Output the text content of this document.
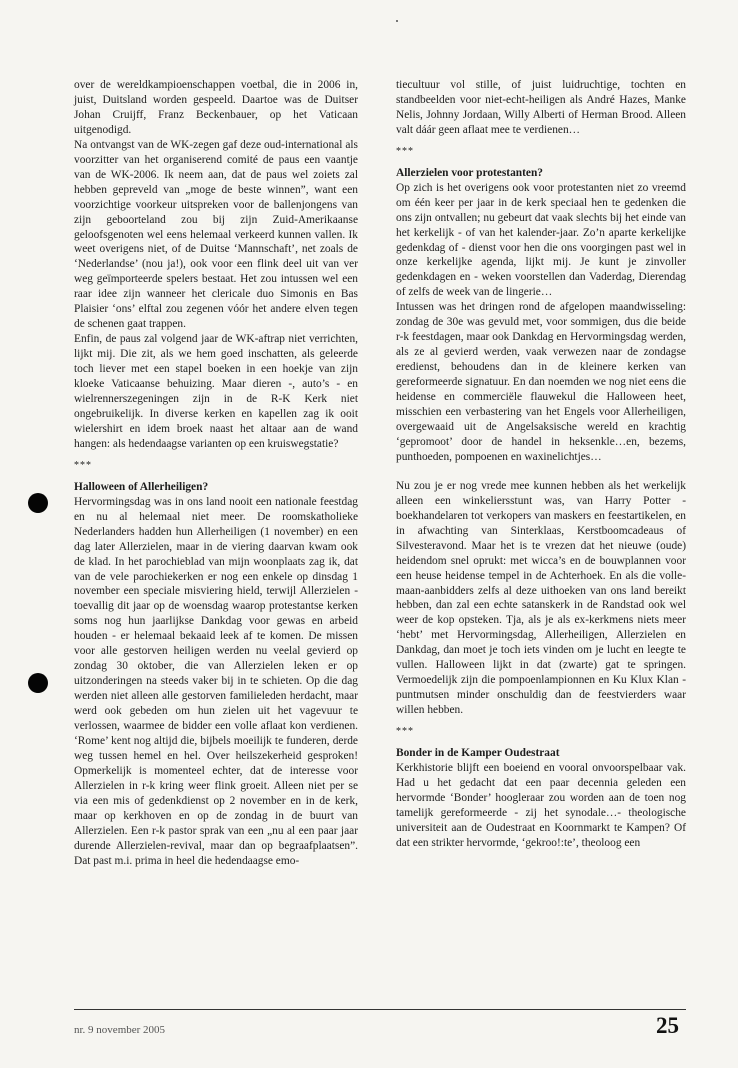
over de wereldkampioenschappen voetbal, die in 2006 in, juist, Duitsland worden gespeeld. Daartoe was de Duitser Johan Cruijff, Franz Beckenbauer, op het Vaticaan uitgenodigd.

Na ontvangst van de WK-zegen gaf deze oud-international als voorzitter van het organiserend comité de paus een vaantje van de WK-2006. Ik neem aan, dat de paus wel zoiets zal hebben gepreveld van „moge de beste winnen”, want een voorzichtige voorkeur uitspreken voor de ballenjongens van zijn geboorteland zou bij zijn Zuid-Amerikaanse geloofsgenoten wel eens helemaal verkeerd kunnen vallen. Ik weet overigens niet, of de Duitse ‘Mannschaft’, net zoals de ‘Nederlandse’ (nou ja!), ook voor een flink deel uit van ver weg geïmporteerde spelers bestaat. Het zou intussen wel een raar idee zijn wanneer het clericale duo Simonis en Bas Plaisier ‘ons’ elftal zou zegenen vóór het andere elven tegen de schenen gaat trappen.

Enfin, de paus zal volgend jaar de WK-aftrap niet verrichten, lijkt mij. Die zit, als we hem goed inschatten, als geleerde toch liever met een stapel boeken in een hoekje van zijn kloeke Vaticaanse behuizing. Maar dieren -, auto’s - en wielrennerszegeningen zijn in de R-K Kerk niet ongebruikelijk. In diverse kerken en kapellen zag ik ooit wielershirt en idem broek naast het altaar aan de wand hangen: als hedendaagse varianten op een kruiswegstatie?

***
Halloween of Allerheiligen?

Hervormingsdag was in ons land nooit een nationale feestdag en nu al helemaal niet meer. De roomskatholieke Nederlanders hadden hun Allerheiligen (1 november) en een dag later Allerzielen, maar in de viering daarvan kwam ook de klad. In het parochieblad van mijn woonplaats zag ik, dat van de vele parochiekerken er nog een enkele op dinsdag 1 november een speciale misviering hield, terwijl Allerzielen - toevallig dit jaar op de woensdag waarop protestantse kerken soms nog hun jaarlijkse Dankdag voor gewas en arbeid houden - er helemaal bekaaid leek af te komen. De missen voor alle gestorven heiligen werden nu veelal gevierd op zondag 30 oktober, die van Allerzielen leken er op uitzonderingen na steeds vaker bij in te schieten. Op die dag werden niet alleen alle gestorven familieleden herdacht, maar werd ook gebeden om hun zielen uit het vagevuur te verlossen, waarmee de bidder een volle aflaat kon verdienen. ‘Rome’ kent nog altijd die, bijbels moeilijk te funderen, derde weg tussen hemel en hel. Over heilszekerheid gesproken! Opmerkelijk is momenteel echter, dat de interesse voor Allerzielen in r-k kring weer flink groeit. Alleen niet per se via een mis of gedenkdienst op 2 november en in de kerk, maar op kerkhoven en op de zondag in de buurt van Allerzielen. Een r-k pastor sprak van een „nu al een paar jaar durende Allerzielen-revival, maar dan op begraafplaatsen”. Dat past m.i. prima in heel die hedendaagse emo-

tiecultuur vol stille, of juist luidruchtige, tochten en standbeelden voor niet-echt-heiligen als André Hazes, Manke Nelis, Johnny Jordaan, Willy Alberti of Herman Brood. Alleen valt dáár geen aflaat mee te verdienen…

***
Allerzielen voor protestanten?

Op zich is het overigens ook voor protestanten niet zo vreemd om één keer per jaar in de kerk speciaal hen te gedenken die ons zijn ontvallen; nu gebeurt dat vaak slechts bij het einde van het kerkelijk - of van het kalender-jaar. Zo’n aparte kerkelijke gedenkdag of - dienst voor hen die ons voorgingen past wel in onze kerkelijke agenda, lijkt mij. Je kunt je zinvoller gedenkdagen en - weken voorstellen dan Vaderdag, Dierendag of zelfs de week van de lingerie…

Intussen was het dringen rond de afgelopen maandwisseling: zondag de 30e was gevuld met, voor sommigen, dus die beide r-k feestdagen, maar ook Dankdag en Hervormingsdag werden, als ze al gevierd werden, vaak verwezen naar de zondagse eredienst, behoudens dan in de kleinere kerken van gereformeerde signatuur. En dan noemden we nog niet eens die heidense en commerciële flauwekul die Halloween heet, misschien een verbastering van het Engels voor Allerheiligen, overgewaaid uit de Angelsaksische wereld en krachtig ‘gepromoot’ door de handel in heksenkle…en, bezems, punthoeden, pompoenen en waxinelichtjes…

Nu zou je er nog vrede mee kunnen hebben als het werkelijk alleen een winkeliersstunt was, van Harry Potter - boekhandelaren tot verkopers van maskers en feestartikelen, en in afwachting van Sinterklaas, Kerstboomcadeaus of Silvesteravond. Maar het is te vrezen dat het nieuwe (oude) heidendom snel oprukt: met wicca’s en de bouwplannen voor een heuse heidense tempel in de Achterhoek. En als die volle-maan-aanbidders zelfs al deze uithoeken van ons land bereikt hebben, dan zal een echte satanskerk in de Randstad ook wel weer de kop opsteken. Tja, als je als ex-kerkmens niets meer ‘hebt’ met Hervormingsdag, Allerheiligen, Allerzielen en Dankdag, dan moet je toch iets vinden om je lucht en leegte te vullen. Halloween lijkt in dat (zwarte) gat te springen. Vermoedelijk zijn die pompoenlampionnen en Ku Klux Klan - puntmutsen minder onschuldig dan de feestvierders waar willen hebben.

***
Bonder in de Kamper Oudestraat

Kerkhistorie blijft een boeiend en vooral onvoorspelbaar vak. Had u het gedacht dat een paar decennia geleden een hervormde ‘Bonder’ hoogleraar zou worden aan de toen nog tamelijk gereformeerde - zij het synodale…- theologische universiteit aan de Oudestraat en Koornmarkt te Kampen? Of dat een strikter hervormde, ‘gekroo!:te’, theoloog een

nr. 9 november 2005	25
